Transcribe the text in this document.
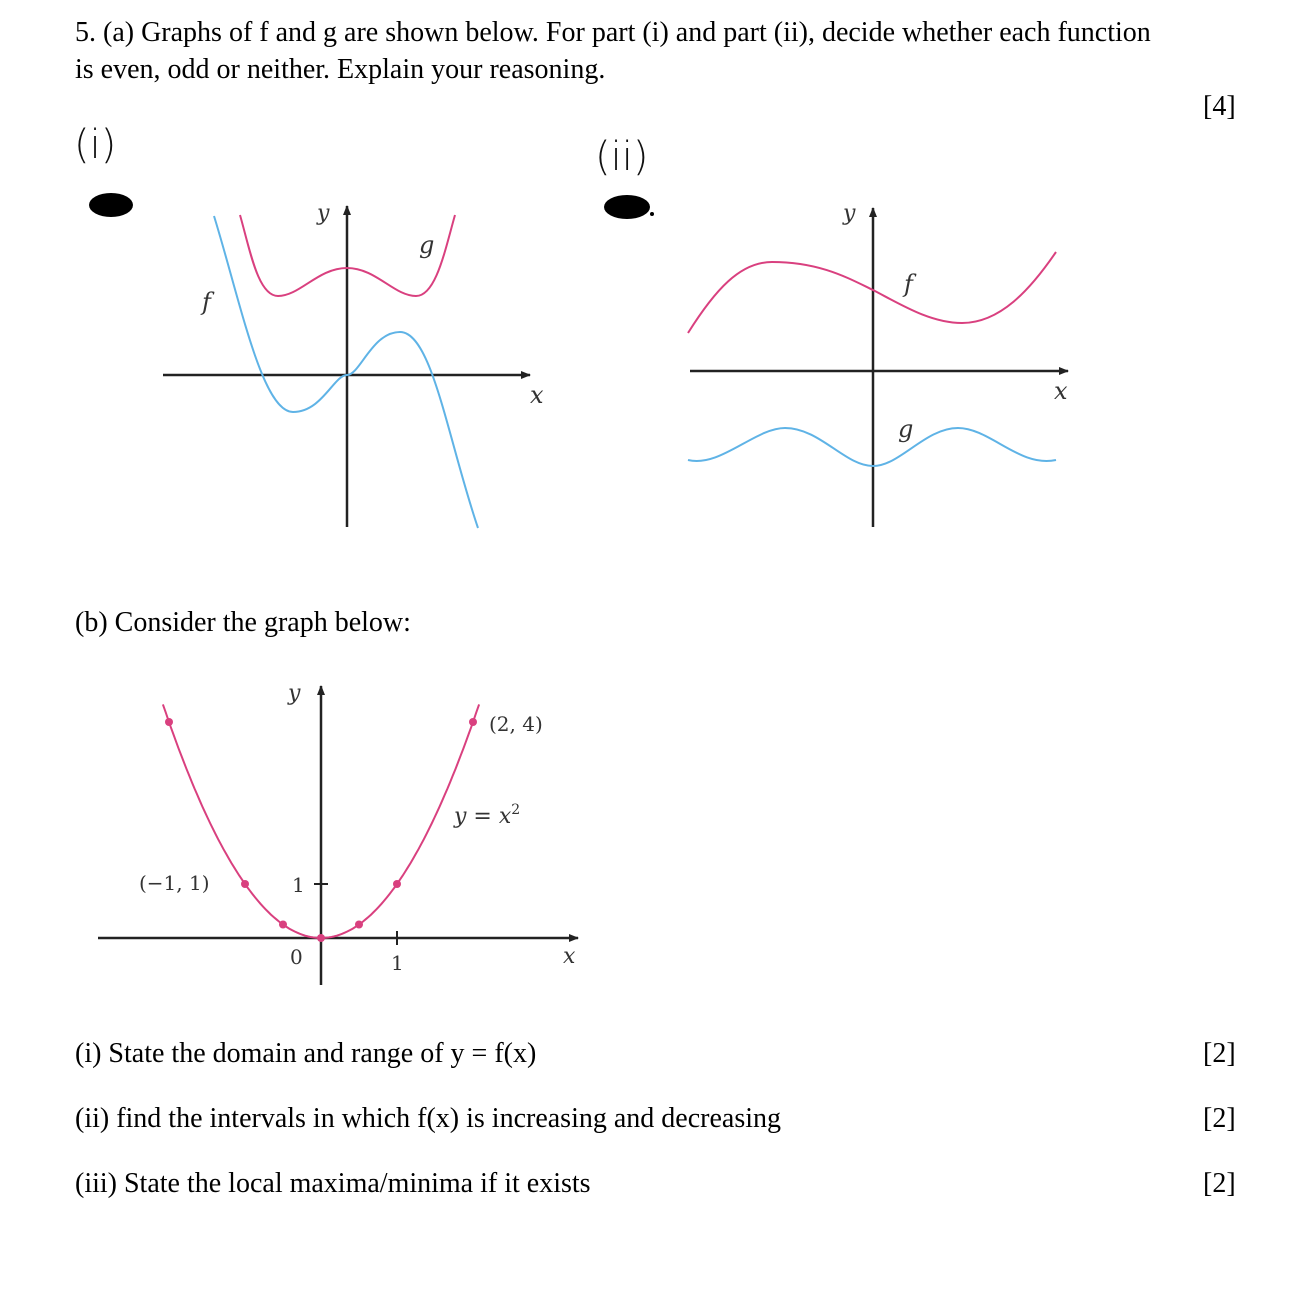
5. (a) Graphs of f and g are shown below. For part (i) and part (ii), decide whether each function
is even, odd or neither. Explain your reasoning.
[4]
(i)	(ii)
y
g
f
x
y
f
x
g
y
(2, 4)
$y = x^2$
(−1, 1)	1
0	1	x
(b) Consider the graph below:
(i) State the domain and range of y = f(x)	[2]
(ii) find the intervals in which f(x) is increasing and decreasing	[2]
(iii) State the local maxima/minima if it exists	[2]
